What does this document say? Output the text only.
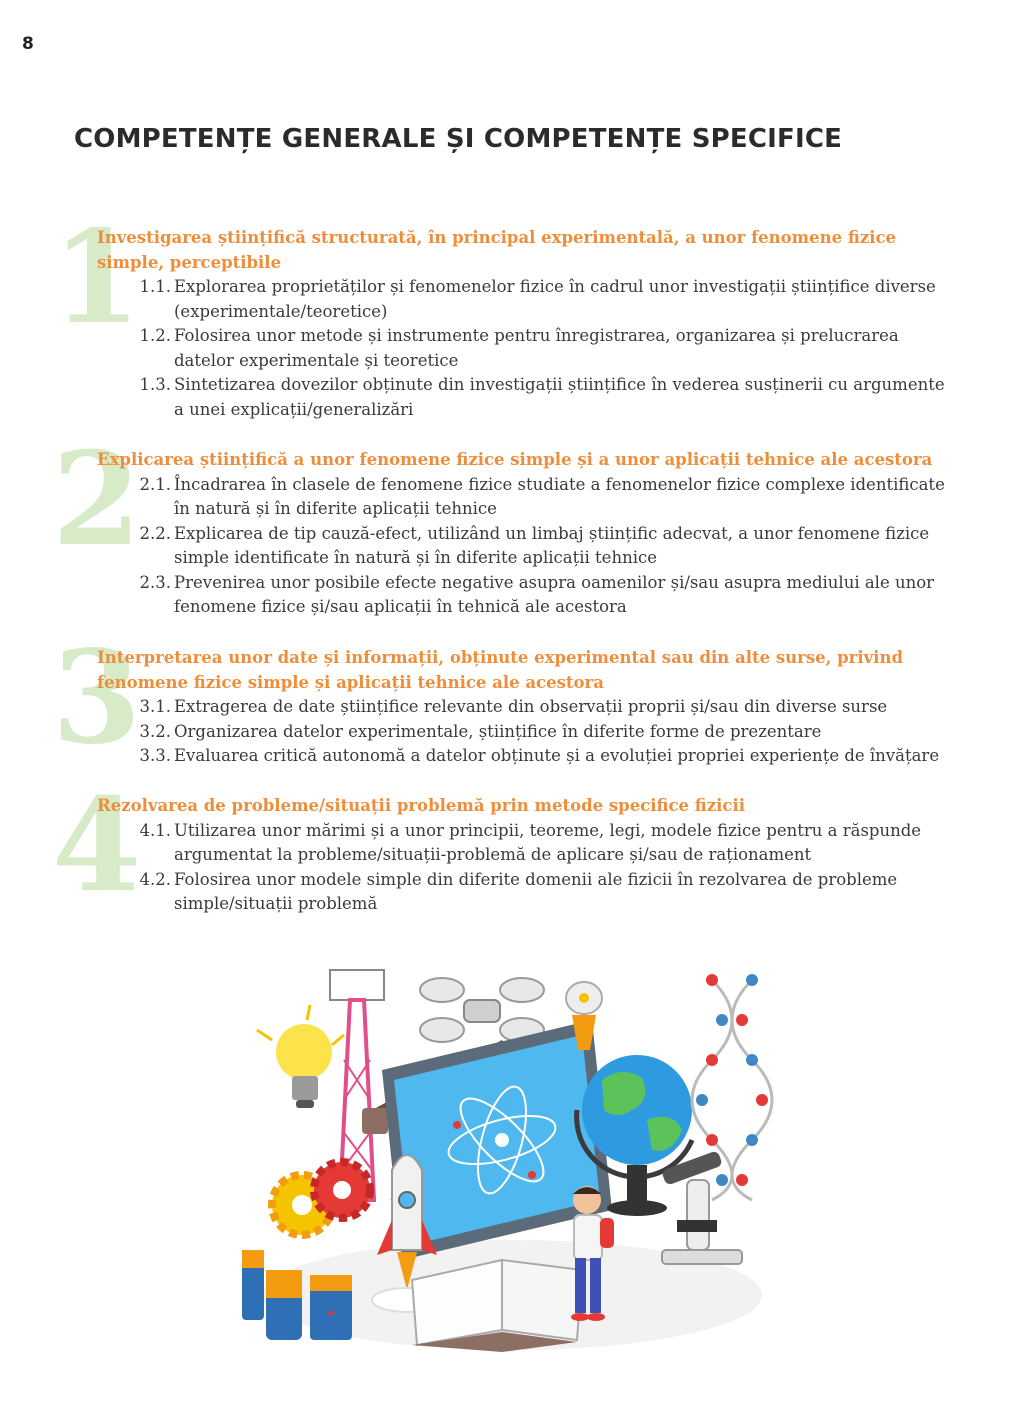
8
COMPETENȚE GENERALE ȘI COMPETENȚE SPECIFICE
1
Investigarea științifică structurată, în principal experimentală, a unor fenomene fizice simple, perceptibile
1.1. Explorarea proprietăților și fenomenelor fizice în cadrul unor investigații științifice diverse (experimentale/teoretice)
1.2. Folosirea unor metode și instrumente pentru înregistrarea, organizarea și prelucrarea datelor experimentale și teoretice
1.3. Sintetizarea dovezilor obținute din investigații științifice în vederea susținerii cu argumente a unei explicații/generalizări
2
Explicarea științifică a unor fenomene fizice simple și a unor aplicații tehnice ale acestora
2.1. Încadrarea în clasele de fenomene fizice studiate a fenomenelor fizice complexe identificate în natură și în diferite aplicații tehnice
2.2. Explicarea de tip cauză-efect, utilizând un limbaj științific adecvat, a unor fenomene fizice simple identificate în natură și în diferite aplicații tehnice
2.3. Prevenirea unor posibile efecte negative asupra oamenilor și/sau asupra mediului ale unor fenomene fizice și/sau aplicații în tehnică ale acestora
3
Interpretarea unor date și informații, obținute experimental sau din alte surse, privind fenomene fizice simple și aplicații tehnice ale acestora
3.1. Extragerea de date științifice relevante din observații proprii și/sau din diverse surse
3.2. Organizarea datelor experimentale, științifice în diferite forme de prezentare
3.3. Evaluarea critică autonomă a datelor obținute și a evoluției propriei experiențe de învățare
4
Rezolvarea de probleme/situații problemă prin metode specifice fizicii
4.1. Utilizarea unor mărimi și a unor principii, teoreme, legi, modele fizice pentru a răspunde argumentat la probleme/situații-problemă de aplicare și/sau de raționament
4.2. Folosirea unor modele simple din diferite domenii ale fizicii în rezolvarea de probleme simple/situații problemă
+
